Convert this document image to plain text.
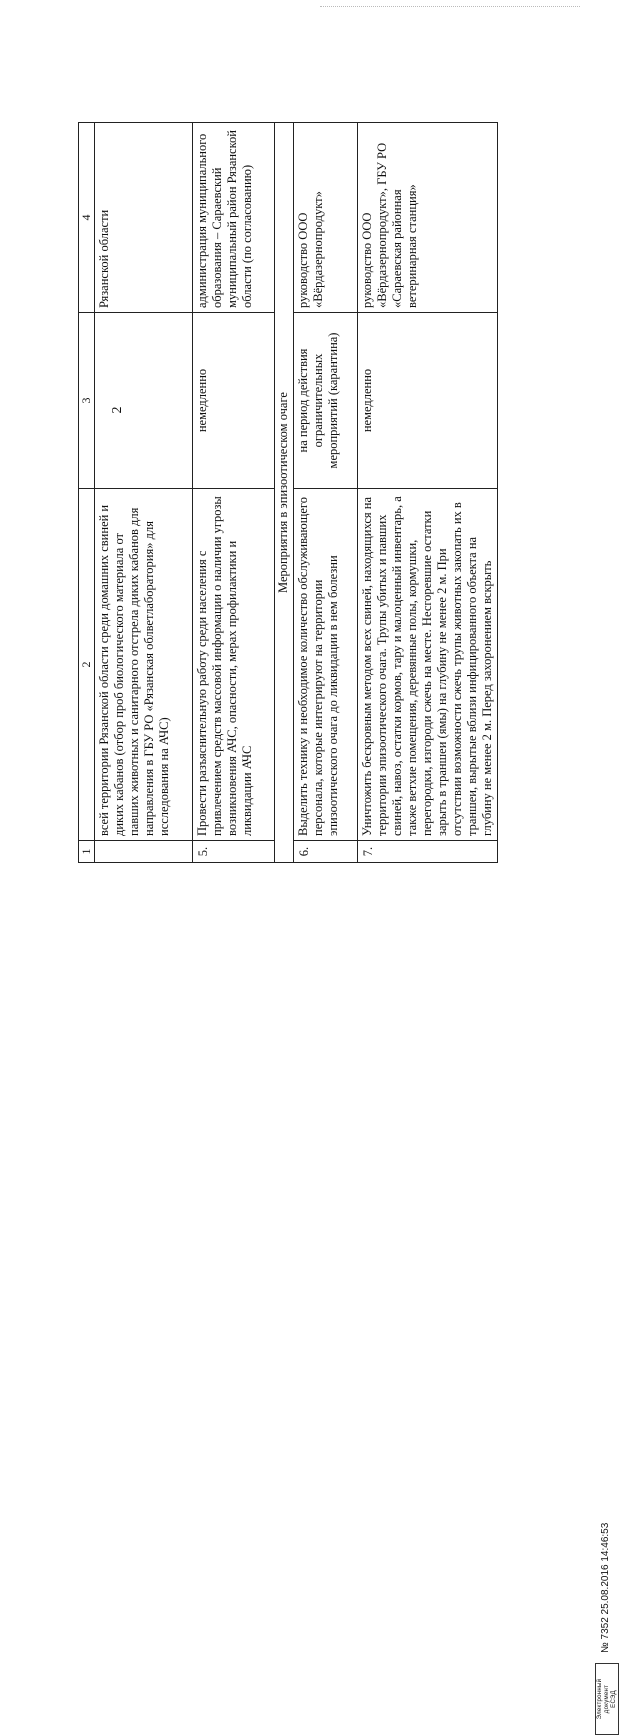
2
1	2	3	4
	всей территории Рязанской области среди домашних свиней и диких кабанов (отбор проб биологического материала от павших животных и санитарного отстрела диких кабанов для направления в ГБУ РО «Рязанская облветлаборатория» для исследования на АЧС)		Рязанской области
5.	Провести разъяснительную работу среди населения с привлечением средств массовой информации о наличии угрозы возникновения АЧС, опасности, мерах профилактики и ликвидации АЧС	немедленно	администрация муниципального образования – Сараевский муниципальный район Рязанской области (по согласованию)
Мероприятия в эпизоотическом очаге			
6.	Выделить технику и необходимое количество обслуживающего персонала, которые интегрируют на территории эпизоотического очага до ликвидации в нем болезни	на период действия ограничительных мероприятий (карантина)	руководство ООО «Вёрдазернопродукт»
7.	Уничтожить бескровным методом всех свиней, находящихся на территории эпизоотического очага. Трупы убитых и павших свиней, навоз, остатки кормов, тару и малоценный инвентарь, а также ветхие помещения, деревянные полы, кормушки, перегородки, изгороди сжечь на месте. Несгоревшие остатки зарыть в траншеи (ямы) на глубину не менее 2 м. При отсутствии возможности сжечь трупы животных закопать их в траншеи, вырытые вблизи инфицированного объекта на глубину не менее 2 м. Перед захоронением вскрыть	немедленно	руководство ООО «Вёрдазернопродукт», ГБУ РО «Сараевская районная ветеринарная станция»
Электронный документ ЕСЭД
№ 7352 25.08.2016 14:46:53
